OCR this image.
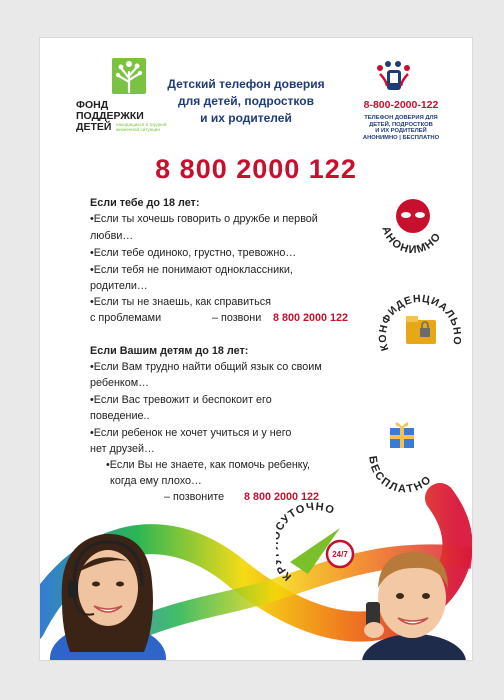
ФОНД
ПОДДЕРЖКИ
ДЕТЕЙ находящихся в трудной жизненной ситуации
Детский телефон доверия
для детей, подростков
и их родителей
8-800-2000-122
ТЕЛЕФОН ДОВЕРИЯ ДЛЯ
ДЕТЕЙ, ПОДРОСТКОВ
И ИХ РОДИТЕЛЕЙ
АНОНИМНО | БЕСПЛАТНО
8 800 2000 122
Если тебе до 18 лет:
•Если ты хочешь говорить о дружбе и первой
любви…
•Если тебе одиноко, грустно, тревожно…
•Если тебя не понимают одноклассники,
родители…
•Если ты не знаешь, как справиться
с проблемами	– позвони 8 800 2000 122
Если Вашим детям до 18 лет:
•Если Вам трудно найти общий язык со своим
ребенком…
•Если Вас тревожит и беспокоит его
поведение..
•Если ребенок не хочет учиться и у него
нет друзей…
•Если Вы не знаете, как помочь ребенку,
когда ему плохо…
– позвоните 8 800 2000 122
АНОНИМНО
КОНФИДЕНЦИАЛЬНО
БЕСПЛАТНО
24/7
К УТОЧНО
